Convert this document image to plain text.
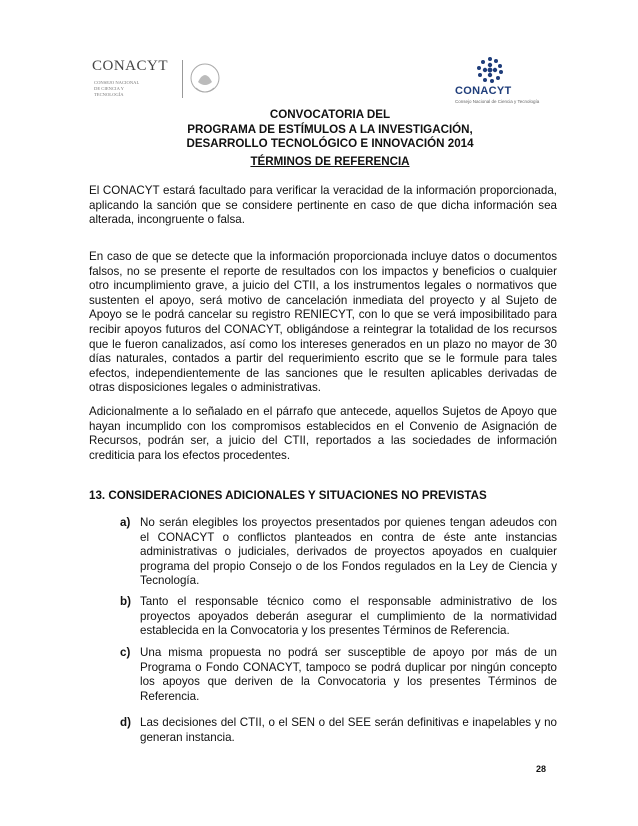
CONACYT
CONSEJO NACIONAL
DE CIENCIA Y TECNOLOGÍA	CONACYT
Consejo Nacional de Ciencia y Tecnología
CONVOCATORIA DEL
PROGRAMA DE ESTÍMULOS A LA INVESTIGACIÓN,
DESARROLLO TECNOLÓGICO E INNOVACIÓN 2014
TÉRMINOS DE REFERENCIA

El CONACYT estará facultado para verificar la veracidad de la información proporcionada, aplicando la sanción que se considere pertinente en caso de que dicha información sea alterada, incongruente o falsa.

En caso de que se detecte que la información proporcionada incluye datos o documentos falsos, no se presente el reporte de resultados con los impactos y beneficios o cualquier otro incumplimiento grave, a juicio del CTII, a los instrumentos legales o normativos que sustenten el apoyo, será motivo de cancelación inmediata del proyecto y al Sujeto de Apoyo se le podrá cancelar su registro RENIECYT, con lo que se verá imposibilitado para recibir apoyos futuros del CONACYT, obligándose a reintegrar la totalidad de los recursos que le fueron canalizados, así como los intereses generados en un plazo no mayor de 30 días naturales, contados a partir del requerimiento escrito que se le formule para tales efectos, independientemente de las sanciones que le resulten aplicables derivadas de otras disposiciones legales o administrativas.

Adicionalmente a lo señalado en el párrafo que antecede, aquellos Sujetos de Apoyo que hayan incumplido con los compromisos establecidos en el Convenio de Asignación de Recursos, podrán ser, a juicio del CTII, reportados a las sociedades de información crediticia para los efectos procedentes.

13. CONSIDERACIONES ADICIONALES Y SITUACIONES NO PREVISTAS
a) No serán elegibles los proyectos presentados por quienes tengan adeudos con el CONACYT o conflictos planteados en contra de éste ante instancias administrativas o judiciales, derivados de proyectos apoyados en cualquier programa del propio Consejo o de los Fondos regulados en la Ley de Ciencia y Tecnología.
b) Tanto el responsable técnico como el responsable administrativo de los proyectos apoyados deberán asegurar el cumplimiento de la normatividad establecida en la Convocatoria y los presentes Términos de Referencia.
c) Una misma propuesta no podrá ser susceptible de apoyo por más de un Programa o Fondo CONACYT, tampoco se podrá duplicar por ningún concepto los apoyos que deriven de la Convocatoria y los presentes Términos de Referencia.
d) Las decisiones del CTII, o el SEN o del SEE serán definitivas e inapelables y no generan instancia.
28
